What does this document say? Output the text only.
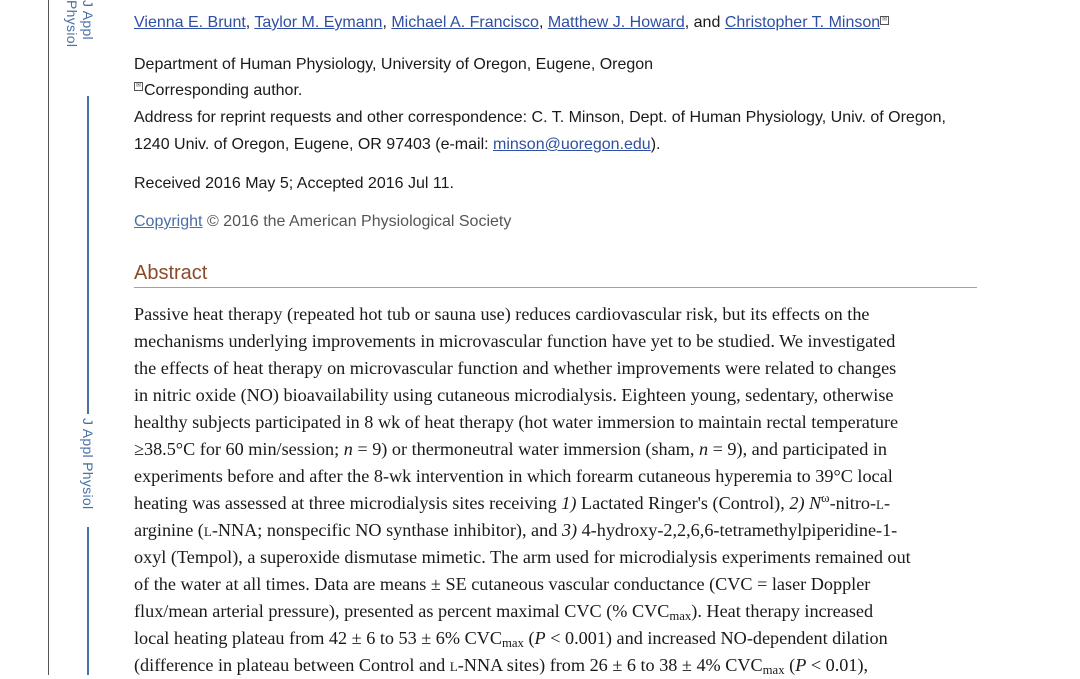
J Appl Physiol
J Appl Physiol
Vienna E. Brunt, Taylor M. Eymann, Michael A. Francisco, Matthew J. Howard, and Christopher T. Minson ✉
Department of Human Physiology, University of Oregon, Eugene, Oregon
✉ Corresponding author.
Address for reprint requests and other correspondence: C. T. Minson, Dept. of Human Physiology, Univ. of Oregon,
1240 Univ. of Oregon, Eugene, OR 97403 (e-mail: minson@uoregon.edu).
Received 2016 May 5; Accepted 2016 Jul 11.
Copyright © 2016 the American Physiological Society
Abstract
Passive heat therapy (repeated hot tub or sauna use) reduces cardiovascular risk, but its effects on the
mechanisms underlying improvements in microvascular function have yet to be studied. We investigated
the effects of heat therapy on microvascular function and whether improvements were related to changes
in nitric oxide (NO) bioavailability using cutaneous microdialysis. Eighteen young, sedentary, otherwise
healthy subjects participated in 8 wk of heat therapy (hot water immersion to maintain rectal temperature
≥38.5°C for 60 min/session; n = 9) or thermoneutral water immersion (sham, n = 9), and participated in
experiments before and after the 8-wk intervention in which forearm cutaneous hyperemia to 39°C local
heating was assessed at three microdialysis sites receiving 1) Lactated Ringer's (Control), 2) $N^\omega-nitro-l-$
arginine (l-NNA; nonspecific NO synthase inhibitor), and 3) 4-hydroxy-2,2,6,6-tetramethylpiperidine-1-
oxyl (Tempol), a superoxide dismutase mimetic. The arm used for microdialysis experiments remained out
of the water at all times. Data are means ± SE cutaneous vascular conductance (CVC = laser Doppler
flux/mean arterial pressure), presented as percent maximal CVC (% $CVC_{max}$). Heat therapy increased
local heating plateau from 42 ± 6 to 53 ± 6% $CVC_{max}$ (P < 0.001) and increased NO-dependent dilation
(difference in plateau between Control and l-NNA sites) from 26 ± 6 to 38 ± 4% $CVC_{max}$ (P < 0.01),
